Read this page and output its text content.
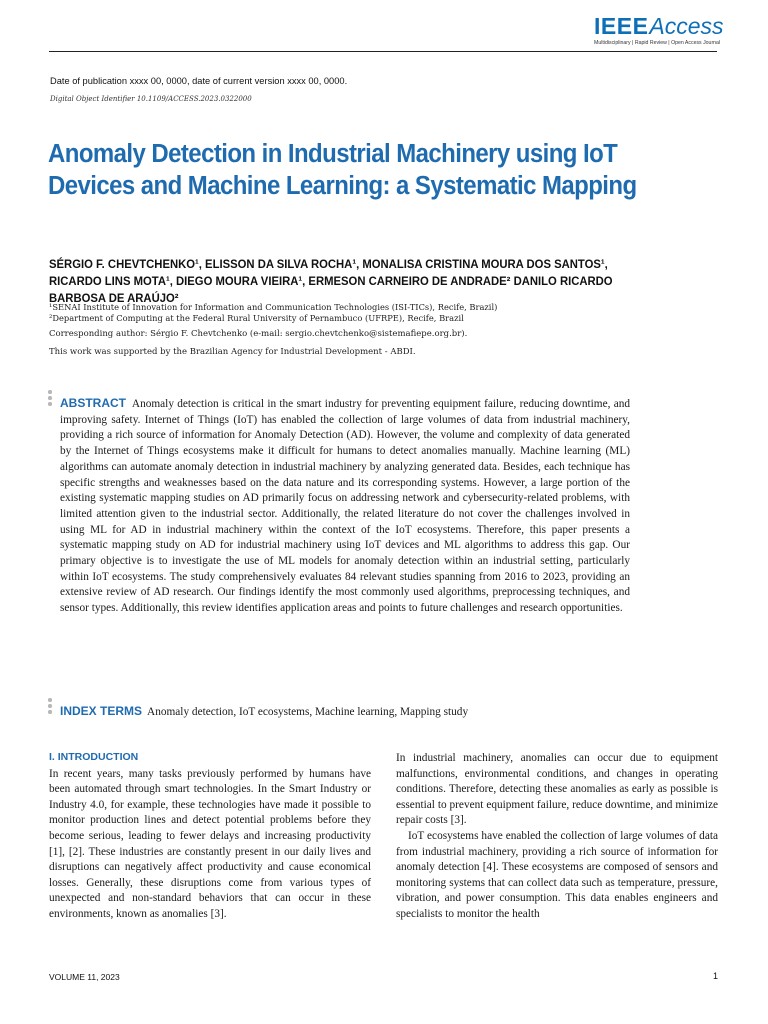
IEEEAccess
Multidisciplinary | Rapid Review | Open Access Journal
Date of publication xxxx 00, 0000, date of current version xxxx 00, 0000.
Digital Object Identifier 10.1109/ACCESS.2023.0322000
Anomaly Detection in Industrial Machinery using IoT Devices and Machine Learning: a Systematic Mapping
SÉRGIO F. CHEVTCHENKO¹, ELISSON DA SILVA ROCHA¹, MONALISA CRISTINA MOURA DOS SANTOS¹, RICARDO LINS MOTA¹, DIEGO MOURA VIEIRA¹, ERMESON CARNEIRO DE ANDRADE² DANILO RICARDO BARBOSA DE ARAÚJO²
¹SENAI Institute of Innovation for Information and Communication Technologies (ISI-TICs), Recife, Brazil)
²Department of Computing at the Federal Rural University of Pernambuco (UFRPE), Recife, Brazil
Corresponding author: Sérgio F. Chevtchenko (e-mail: sergio.chevtchenko@sistemafiepe.org.br).
This work was supported by the Brazilian Agency for Industrial Development - ABDI.
ABSTRACT Anomaly detection is critical in the smart industry for preventing equipment failure, reducing downtime, and improving safety. Internet of Things (IoT) has enabled the collection of large volumes of data from industrial machinery, providing a rich source of information for Anomaly Detection (AD). However, the volume and complexity of data generated by the Internet of Things ecosystems make it difficult for humans to detect anomalies manually. Machine learning (ML) algorithms can automate anomaly detection in industrial machinery by analyzing generated data. Besides, each technique has specific strengths and weaknesses based on the data nature and its corresponding systems. However, a large portion of the existing systematic mapping studies on AD primarily focus on addressing network and cybersecurity-related problems, with limited attention given to the industrial sector. Additionally, the related literature do not cover the challenges involved in using ML for AD in industrial machinery within the context of the IoT ecosystems. Therefore, this paper presents a systematic mapping study on AD for industrial machinery using IoT devices and ML algorithms to address this gap. Our primary objective is to investigate the use of ML models for anomaly detection within an industrial setting, particularly within IoT ecosystems. The study comprehensively evaluates 84 relevant studies spanning from 2016 to 2023, providing an extensive review of AD research. Our findings identify the most commonly used algorithms, preprocessing techniques, and sensor types. Additionally, this review identifies application areas and points to future challenges and research opportunities.
INDEX TERMS Anomaly detection, IoT ecosystems, Machine learning, Mapping study
I. INTRODUCTION

In recent years, many tasks previously performed by humans have been automated through smart technologies. In the Smart Industry or Industry 4.0, for example, these technologies have made it possible to monitor production lines and detect potential problems before they become serious, leading to fewer delays and increasing productivity [1], [2]. These industries are constantly present in our daily lives and disruptions can negatively affect productivity and cause economical losses. Generally, these disruptions come from various types of unexpected and non-standard behaviors that can occur in these environments, known as anomalies [3].

In industrial machinery, anomalies can occur due to equipment malfunctions, environmental conditions, and changes in operating conditions. Therefore, detecting these anomalies as early as possible is essential to prevent equipment failure, reduce downtime, and minimize repair costs [3].

IoT ecosystems have enabled the collection of large volumes of data from industrial machinery, providing a rich source of information for anomaly detection [4]. These ecosystems are composed of sensors and monitoring systems that can collect data such as temperature, pressure, vibration, and power consumption. This data enables engineers and specialists to monitor the health

VOLUME 11, 2023	1
